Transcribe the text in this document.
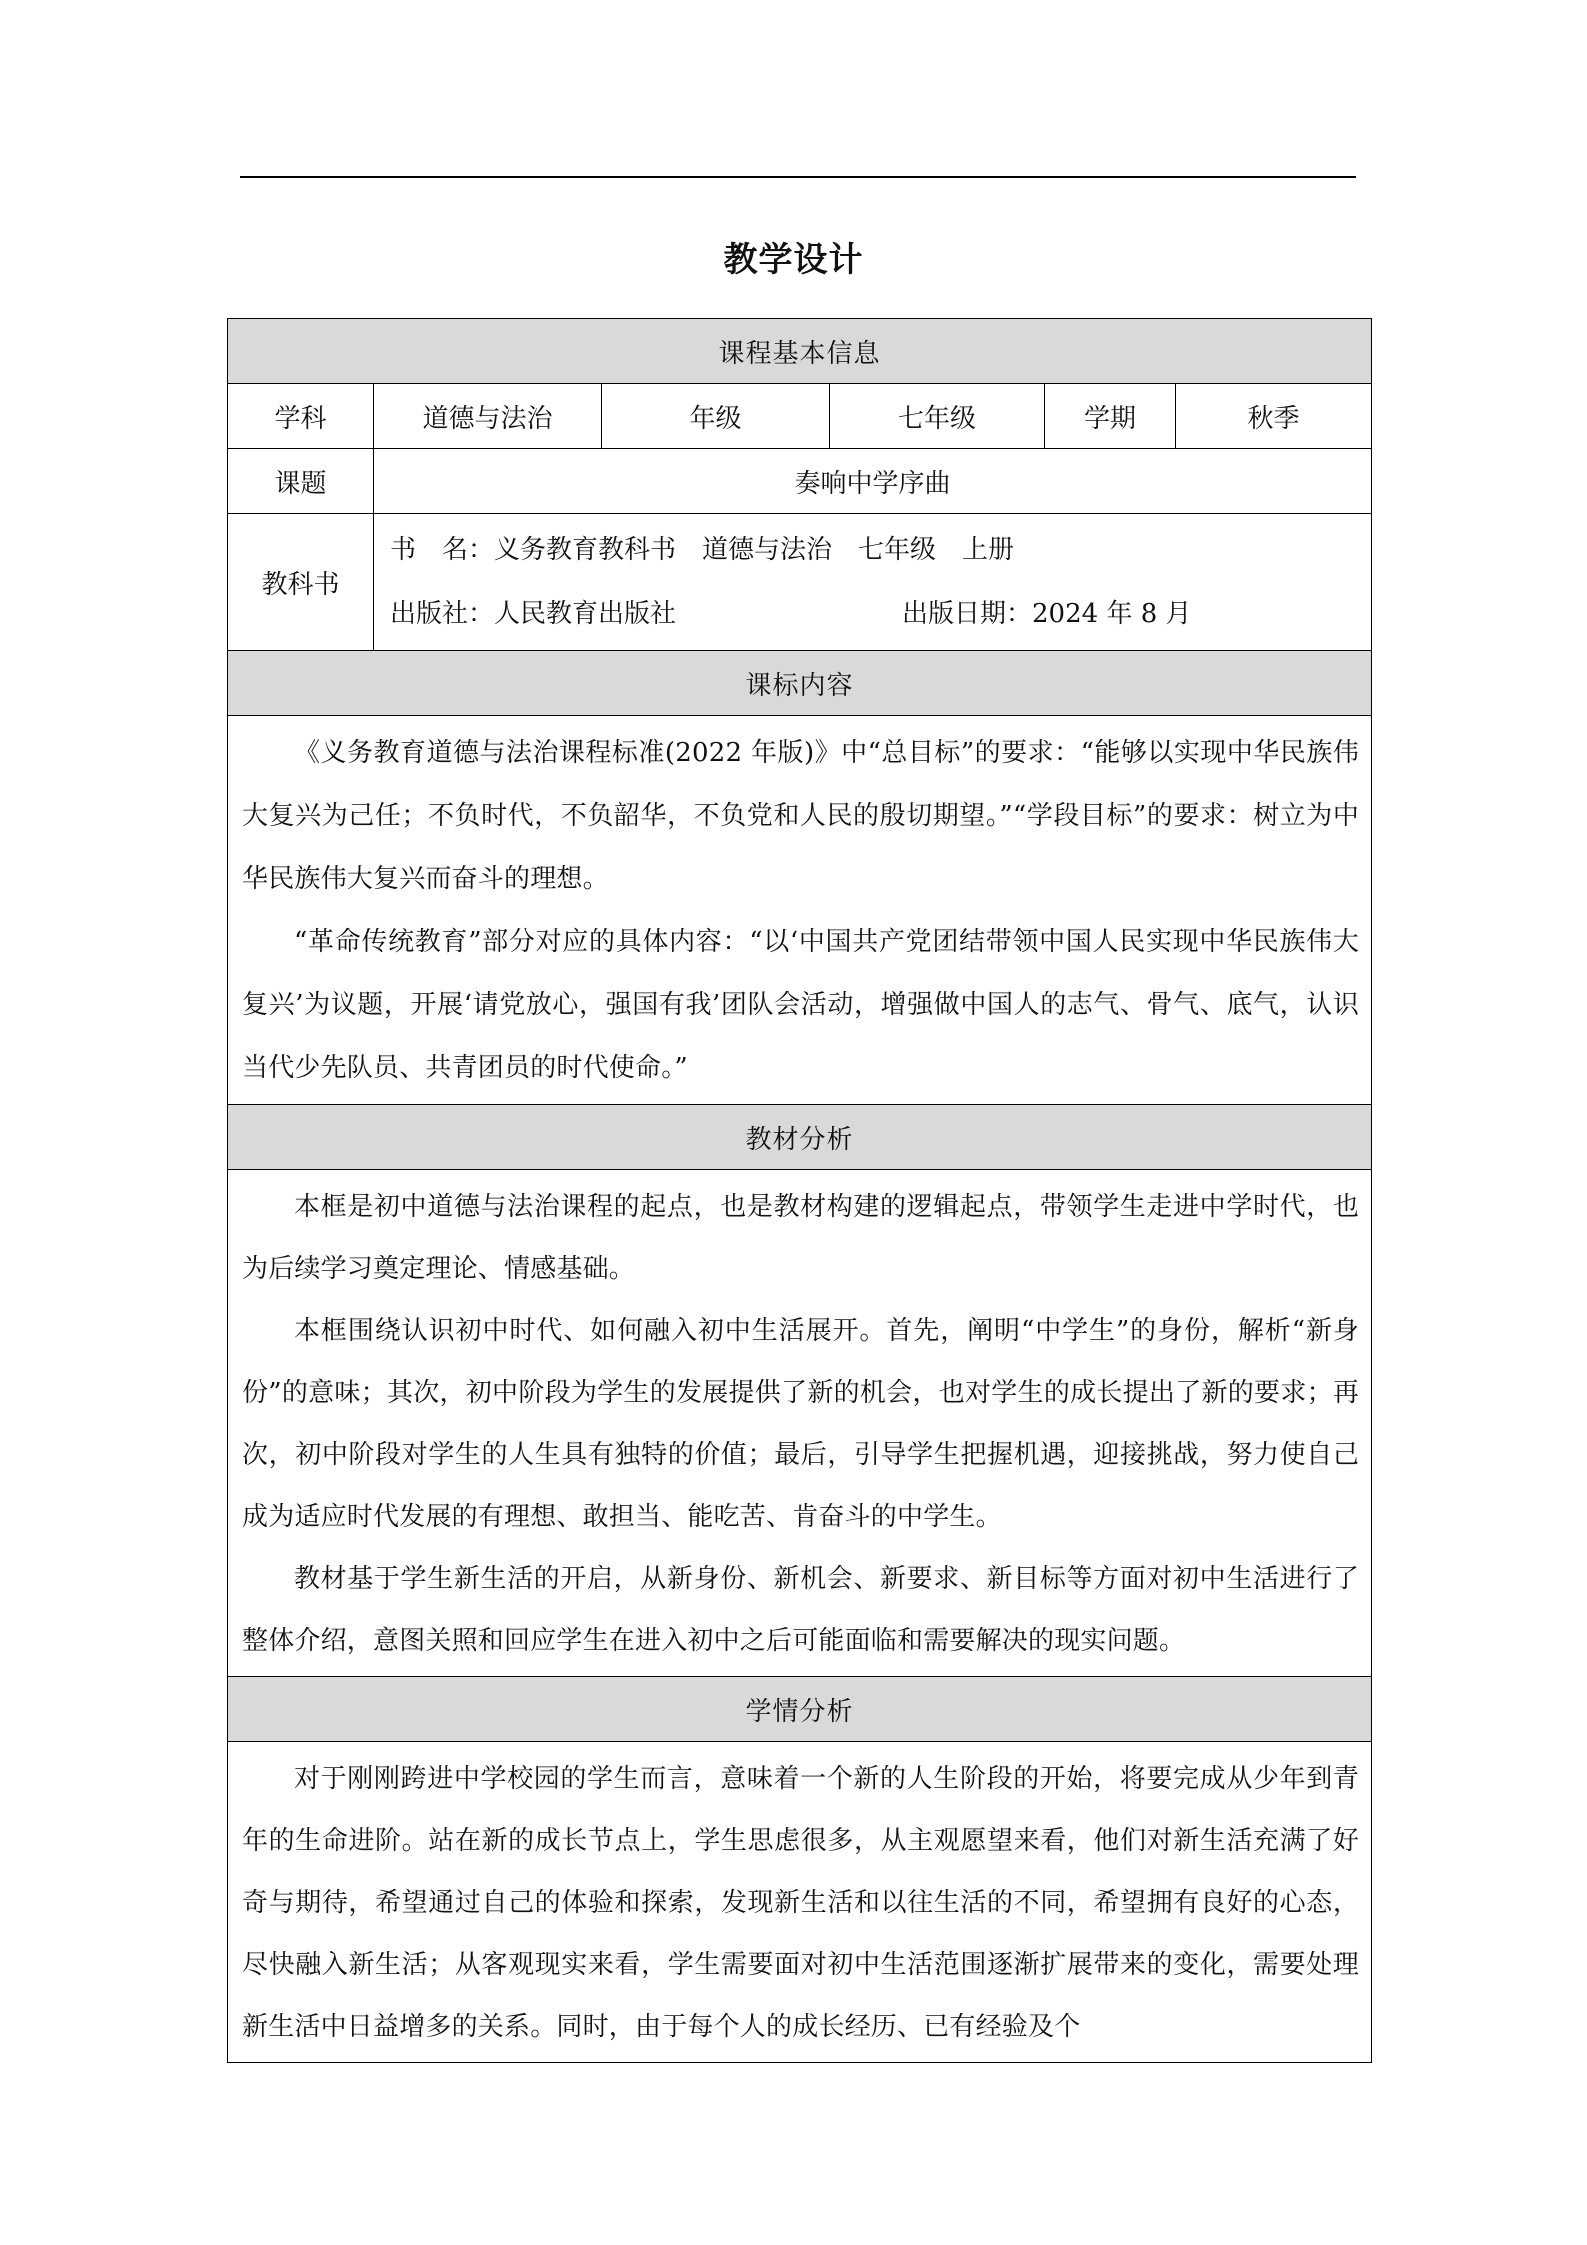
教学设计
课程基本信息					
学科	道德与法治	年级	七年级	学期	秋季
课题	奏响中学序曲				
教科书	书　名：义务教育教科书　道德与法治　七年级　上册
出版社：人民教育出版社 出版日期：2024 年 8 月				

课标内容					

《义务教育道德与法治课程标准(2022 年版)》中“总目标”的要求：“能够以实现中华民族伟大复兴为己任；不负时代，不负韶华，不负党和人民的殷切期望。”“学段目标”的要求：树立为中华民族伟大复兴而奋斗的理想。

“革命传统教育”部分对应的具体内容：“以‘中国共产党团结带领中国人民实现中华民族伟大复兴’为议题，开展‘请党放心，强国有我’团队会活动，增强做中国人的志气、骨气、底气，认识当代少先队员、共青团员的时代使命。”					

教材分析					

本框是初中道德与法治课程的起点，也是教材构建的逻辑起点，带领学生走进中学时代，也为后续学习奠定理论、情感基础。

本框围绕认识初中时代、如何融入初中生活展开。首先，阐明“中学生”的身份，解析“新身份”的意味；其次，初中阶段为学生的发展提供了新的机会，也对学生的成长提出了新的要求；再次，初中阶段对学生的人生具有独特的价值；最后，引导学生把握机遇，迎接挑战，努力使自己成为适应时代发展的有理想、敢担当、能吃苦、肯奋斗的中学生。

教材基于学生新生活的开启，从新身份、新机会、新要求、新目标等方面对初中生活进行了整体介绍，意图关照和回应学生在进入初中之后可能面临和需要解决的现实问题。					

学情分析					

对于刚刚跨进中学校园的学生而言，意味着一个新的人生阶段的开始，将要完成从少年到青年的生命进阶。站在新的成长节点上，学生思虑很多，从主观愿望来看，他们对新生活充满了好奇与期待，希望通过自己的体验和探索，发现新生活和以往生活的不同，希望拥有良好的心态，尽快融入新生活；从客观现实来看，学生需要面对初中生活范围逐渐扩展带来的变化，需要处理新生活中日益增多的关系。同时，由于每个人的成长经历、已有经验及个					
